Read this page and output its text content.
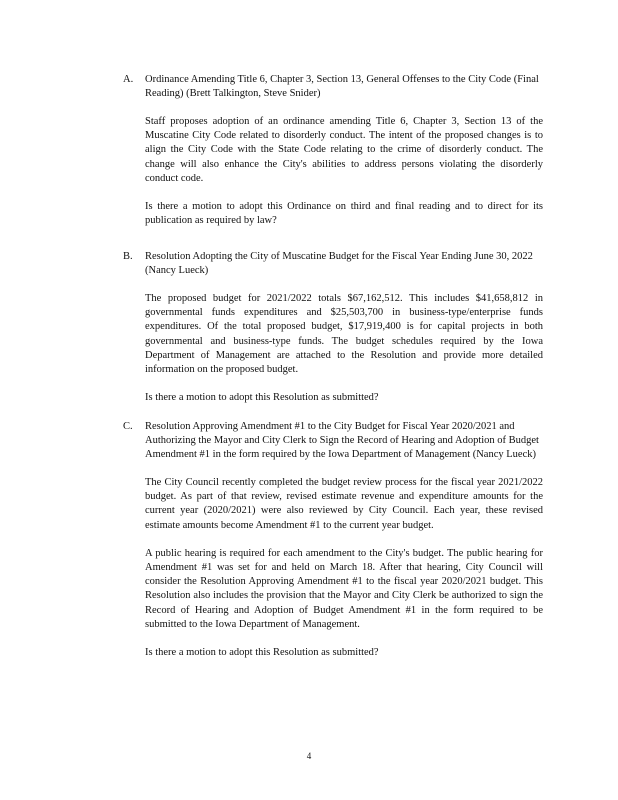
A. Ordinance Amending Title 6, Chapter 3, Section 13, General Offenses to the City Code (Final Reading) (Brett Talkington, Steve Snider)

Staff proposes adoption of an ordinance amending Title 6, Chapter 3, Section 13 of the Muscatine City Code related to disorderly conduct. The intent of the proposed changes is to align the City Code with the State Code relating to the crime of disorderly conduct. The change will also enhance the City's abilities to address persons violating the disorderly conduct code.

Is there a motion to adopt this Ordinance on third and final reading and to direct for its publication as required by law?

B. Resolution Adopting the City of Muscatine Budget for the Fiscal Year Ending June 30, 2022 (Nancy Lueck)

The proposed budget for 2021/2022 totals $67,162,512. This includes $41,658,812 in governmental funds expenditures and $25,503,700 in business-type/enterprise funds expenditures. Of the total proposed budget, $17,919,400 is for capital projects in both governmental and business-type funds. The budget schedules required by the Iowa Department of Management are attached to the Resolution and provide more detailed information on the proposed budget.

Is there a motion to adopt this Resolution as submitted?

C. Resolution Approving Amendment #1 to the City Budget for Fiscal Year 2020/2021 and Authorizing the Mayor and City Clerk to Sign the Record of Hearing and Adoption of Budget Amendment #1 in the form required by the Iowa Department of Management (Nancy Lueck)

The City Council recently completed the budget review process for the fiscal year 2021/2022 budget. As part of that review, revised estimate revenue and expenditure amounts for the current year (2020/2021) were also reviewed by City Council. Each year, these revised estimate amounts become Amendment #1 to the current year budget.

A public hearing is required for each amendment to the City's budget. The public hearing for Amendment #1 was set for and held on March 18. After that hearing, City Council will consider the Resolution Approving Amendment #1 to the fiscal year 2020/2021 budget. This Resolution also includes the provision that the Mayor and City Clerk be authorized to sign the Record of Hearing and Adoption of Budget Amendment #1 in the form required to be submitted to the Iowa Department of Management.

Is there a motion to adopt this Resolution as submitted?

4
